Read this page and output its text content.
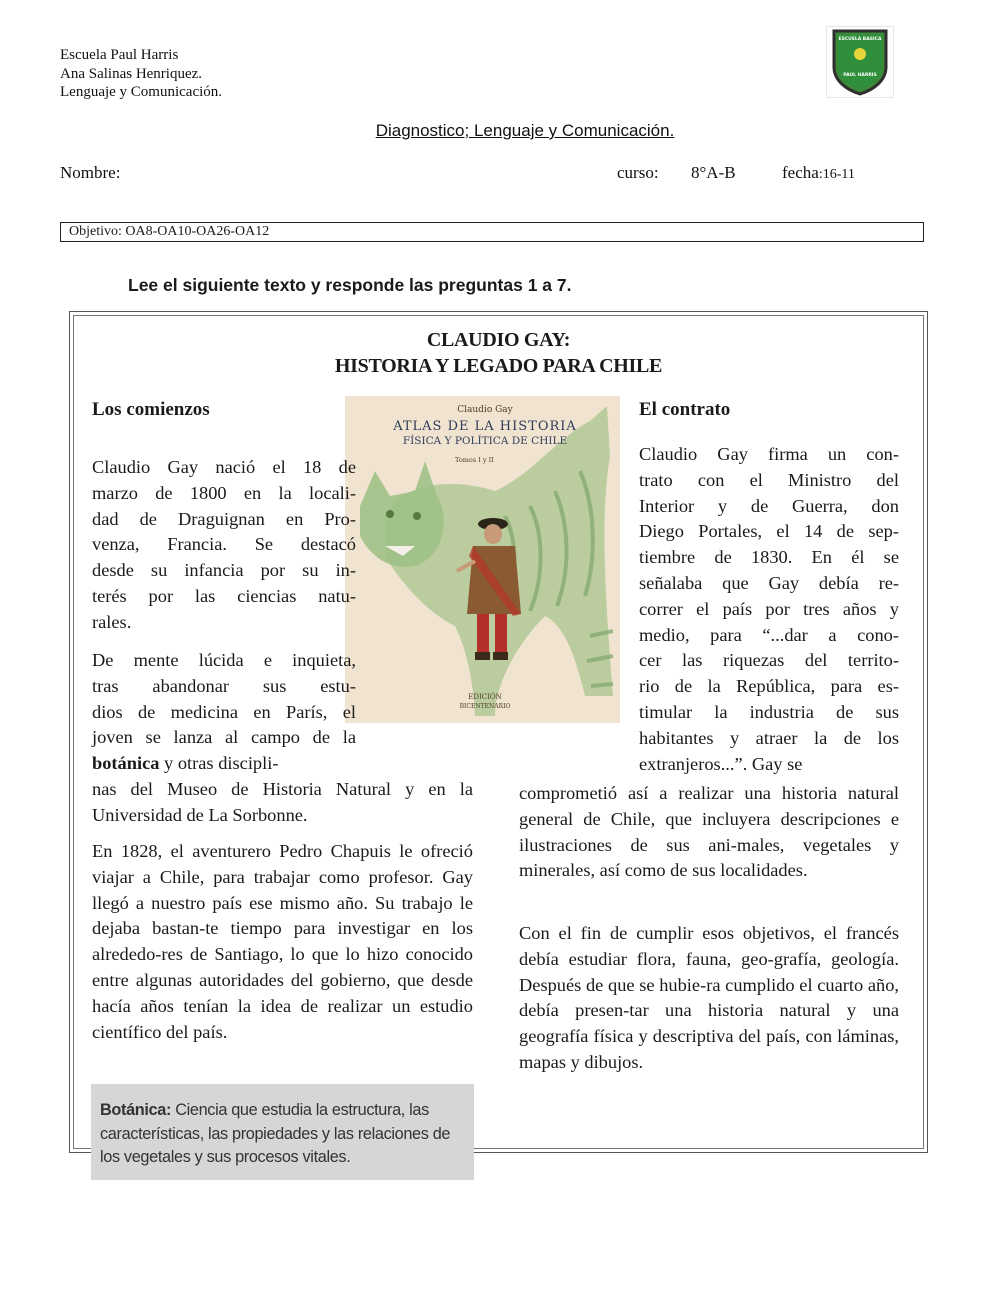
Escuela Paul Harris
Ana Salinas Henriquez.
Lenguaje y Comunicación.
ESCUELA BASICA
PAUL HARRIS
Diagnostico; Lenguaje y Comunicación.
Nombre:	curso: 8°A-B	fecha:16-11
Objetivo: OA8-OA10-OA26-OA12
Lee el siguiente texto y responde las preguntas 1 a 7.
CLAUDIO GAY:
HISTORIA Y LEGADO PARA CHILE
Los comienzos	El contrato
Claudio Gay
ATLAS DE LA HISTORIA
FÍSICA Y POLÍTICA DE CHILE
Tomos I y II
EDICIÓN
BICENTENARIO
Claudio Gay nació el 18 de
marzo de 1800 en la locali-
dad de Draguignan en Pro-
venza, Francia. Se destacó
desde su infancia por su in-
terés por las ciencias natu-
rales.
De mente lúcida e inquieta,
tras abandonar sus estu-
dios de medicina en París, el
joven se lanza al campo de la
botánica y otras discipli-
nas del Museo de Historia Natural y en la
Universidad de La Sorbonne.
En 1828, el aventurero Pedro Chapuis le ofreció viajar a Chile, para trabajar como profesor. Gay llegó a nuestro país ese mismo año. Su trabajo le dejaba bastan-te tiempo para investigar en los alrededo-res de Santiago, lo que lo hizo conocido entre algunas autoridades del gobierno, que desde hacía años tenían la idea de realizar un estudio científico del país.
Claudio Gay firma un con-
trato con el Ministro del
Interior y de Guerra, don
Diego Portales, el 14 de sep-
tiembre de 1830. En él se
señalaba que Gay debía re-
correr el país por tres años y
medio, para “...dar a cono-
cer las riquezas del territo-
rio de la República, para es-
timular la industria de sus
habitantes y atraer la de los
extranjeros...”. Gay se
comprometió así a realizar una historia natural general de Chile, que incluyera descripciones e ilustraciones de sus ani-males, vegetales y minerales, así como de sus localidades.
Con el fin de cumplir esos objetivos, el francés debía estudiar flora, fauna, geo-grafía, geología. Después de que se hubie-ra cumplido el cuarto año, debía presen-tar una historia natural y una geografía física y descriptiva del país, con láminas, mapas y dibujos.
Botánica: Ciencia que estudia la estructura, las características, las propiedades y las relaciones de los vegetales y sus procesos vitales.
